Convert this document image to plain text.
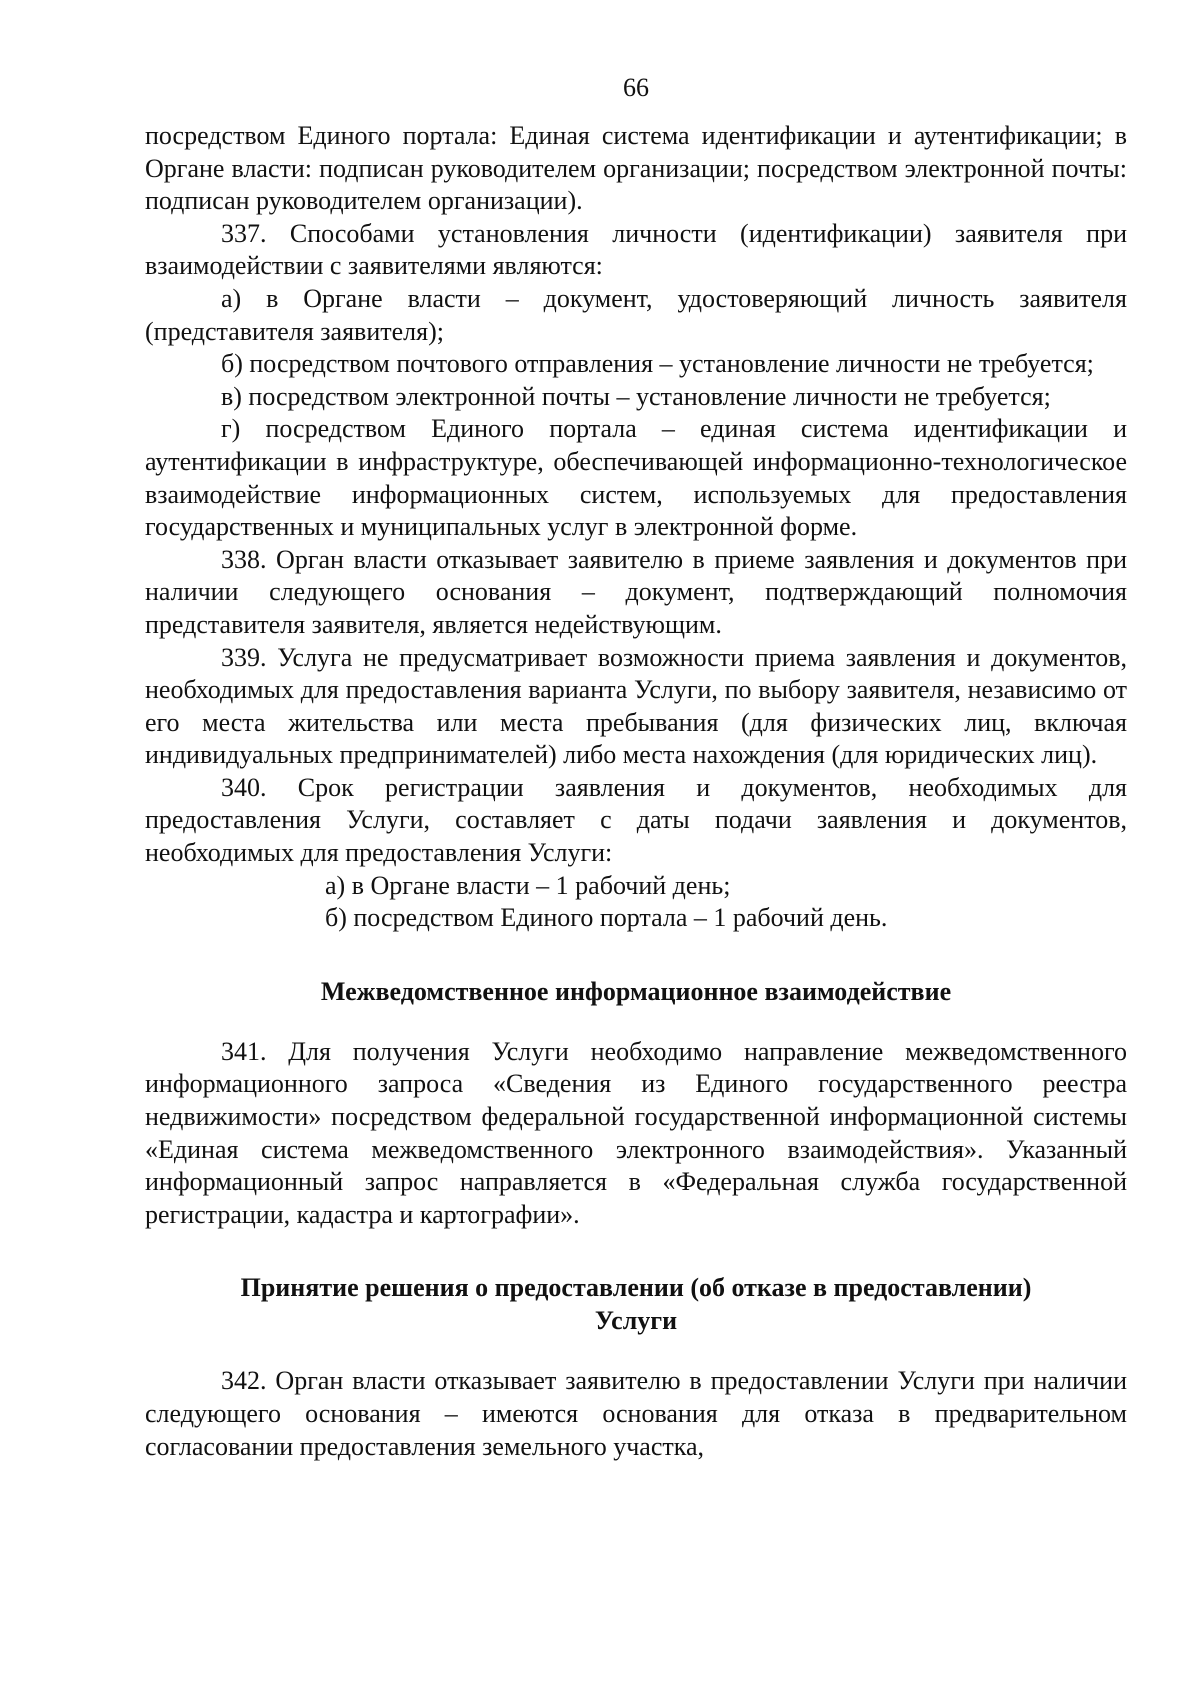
66

посредством Единого портала: Единая система идентификации и аутентификации; в Органе власти: подписан руководителем организации; посредством электронной почты: подписан руководителем организации).

337. Способами установления личности (идентификации) заявителя при взаимодействии с заявителями являются:

а) в Органе власти – документ, удостоверяющий личность заявителя (представителя заявителя);

б) посредством почтового отправления – установление личности не требуется;

в) посредством электронной почты – установление личности не требуется;

г) посредством Единого портала – единая система идентификации и аутентификации в инфраструктуре, обеспечивающей информационно-технологическое взаимодействие информационных систем, используемых для предоставления государственных и муниципальных услуг в электронной форме.

338. Орган власти отказывает заявителю в приеме заявления и документов при наличии следующего основания – документ, подтверждающий полномочия представителя заявителя, является недействующим.

339. Услуга не предусматривает возможности приема заявления и документов, необходимых для предоставления варианта Услуги, по выбору заявителя, независимо от его места жительства или места пребывания (для физических лиц, включая индивидуальных предпринимателей) либо места нахождения (для юридических лиц).

340. Срок регистрации заявления и документов, необходимых для предоставления Услуги, составляет с даты подачи заявления и документов, необходимых для предоставления Услуги:

а) в Органе власти – 1 рабочий день;

б) посредством Единого портала – 1 рабочий день.

Межведомственное информационное взаимодействие

341. Для получения Услуги необходимо направление межведомственного информационного запроса «Сведения из Единого государственного реестра недвижимости» посредством федеральной государственной информационной системы «Единая система межведомственного электронного взаимодействия». Указанный информационный запрос направляется в «Федеральная служба государственной регистрации, кадастра и картографии».

Принятие решения о предоставлении (об отказе в предоставлении)
Услуги

342. Орган власти отказывает заявителю в предоставлении Услуги при наличии следующего основания – имеются основания для отказа в предварительном согласовании предоставления земельного участка,
